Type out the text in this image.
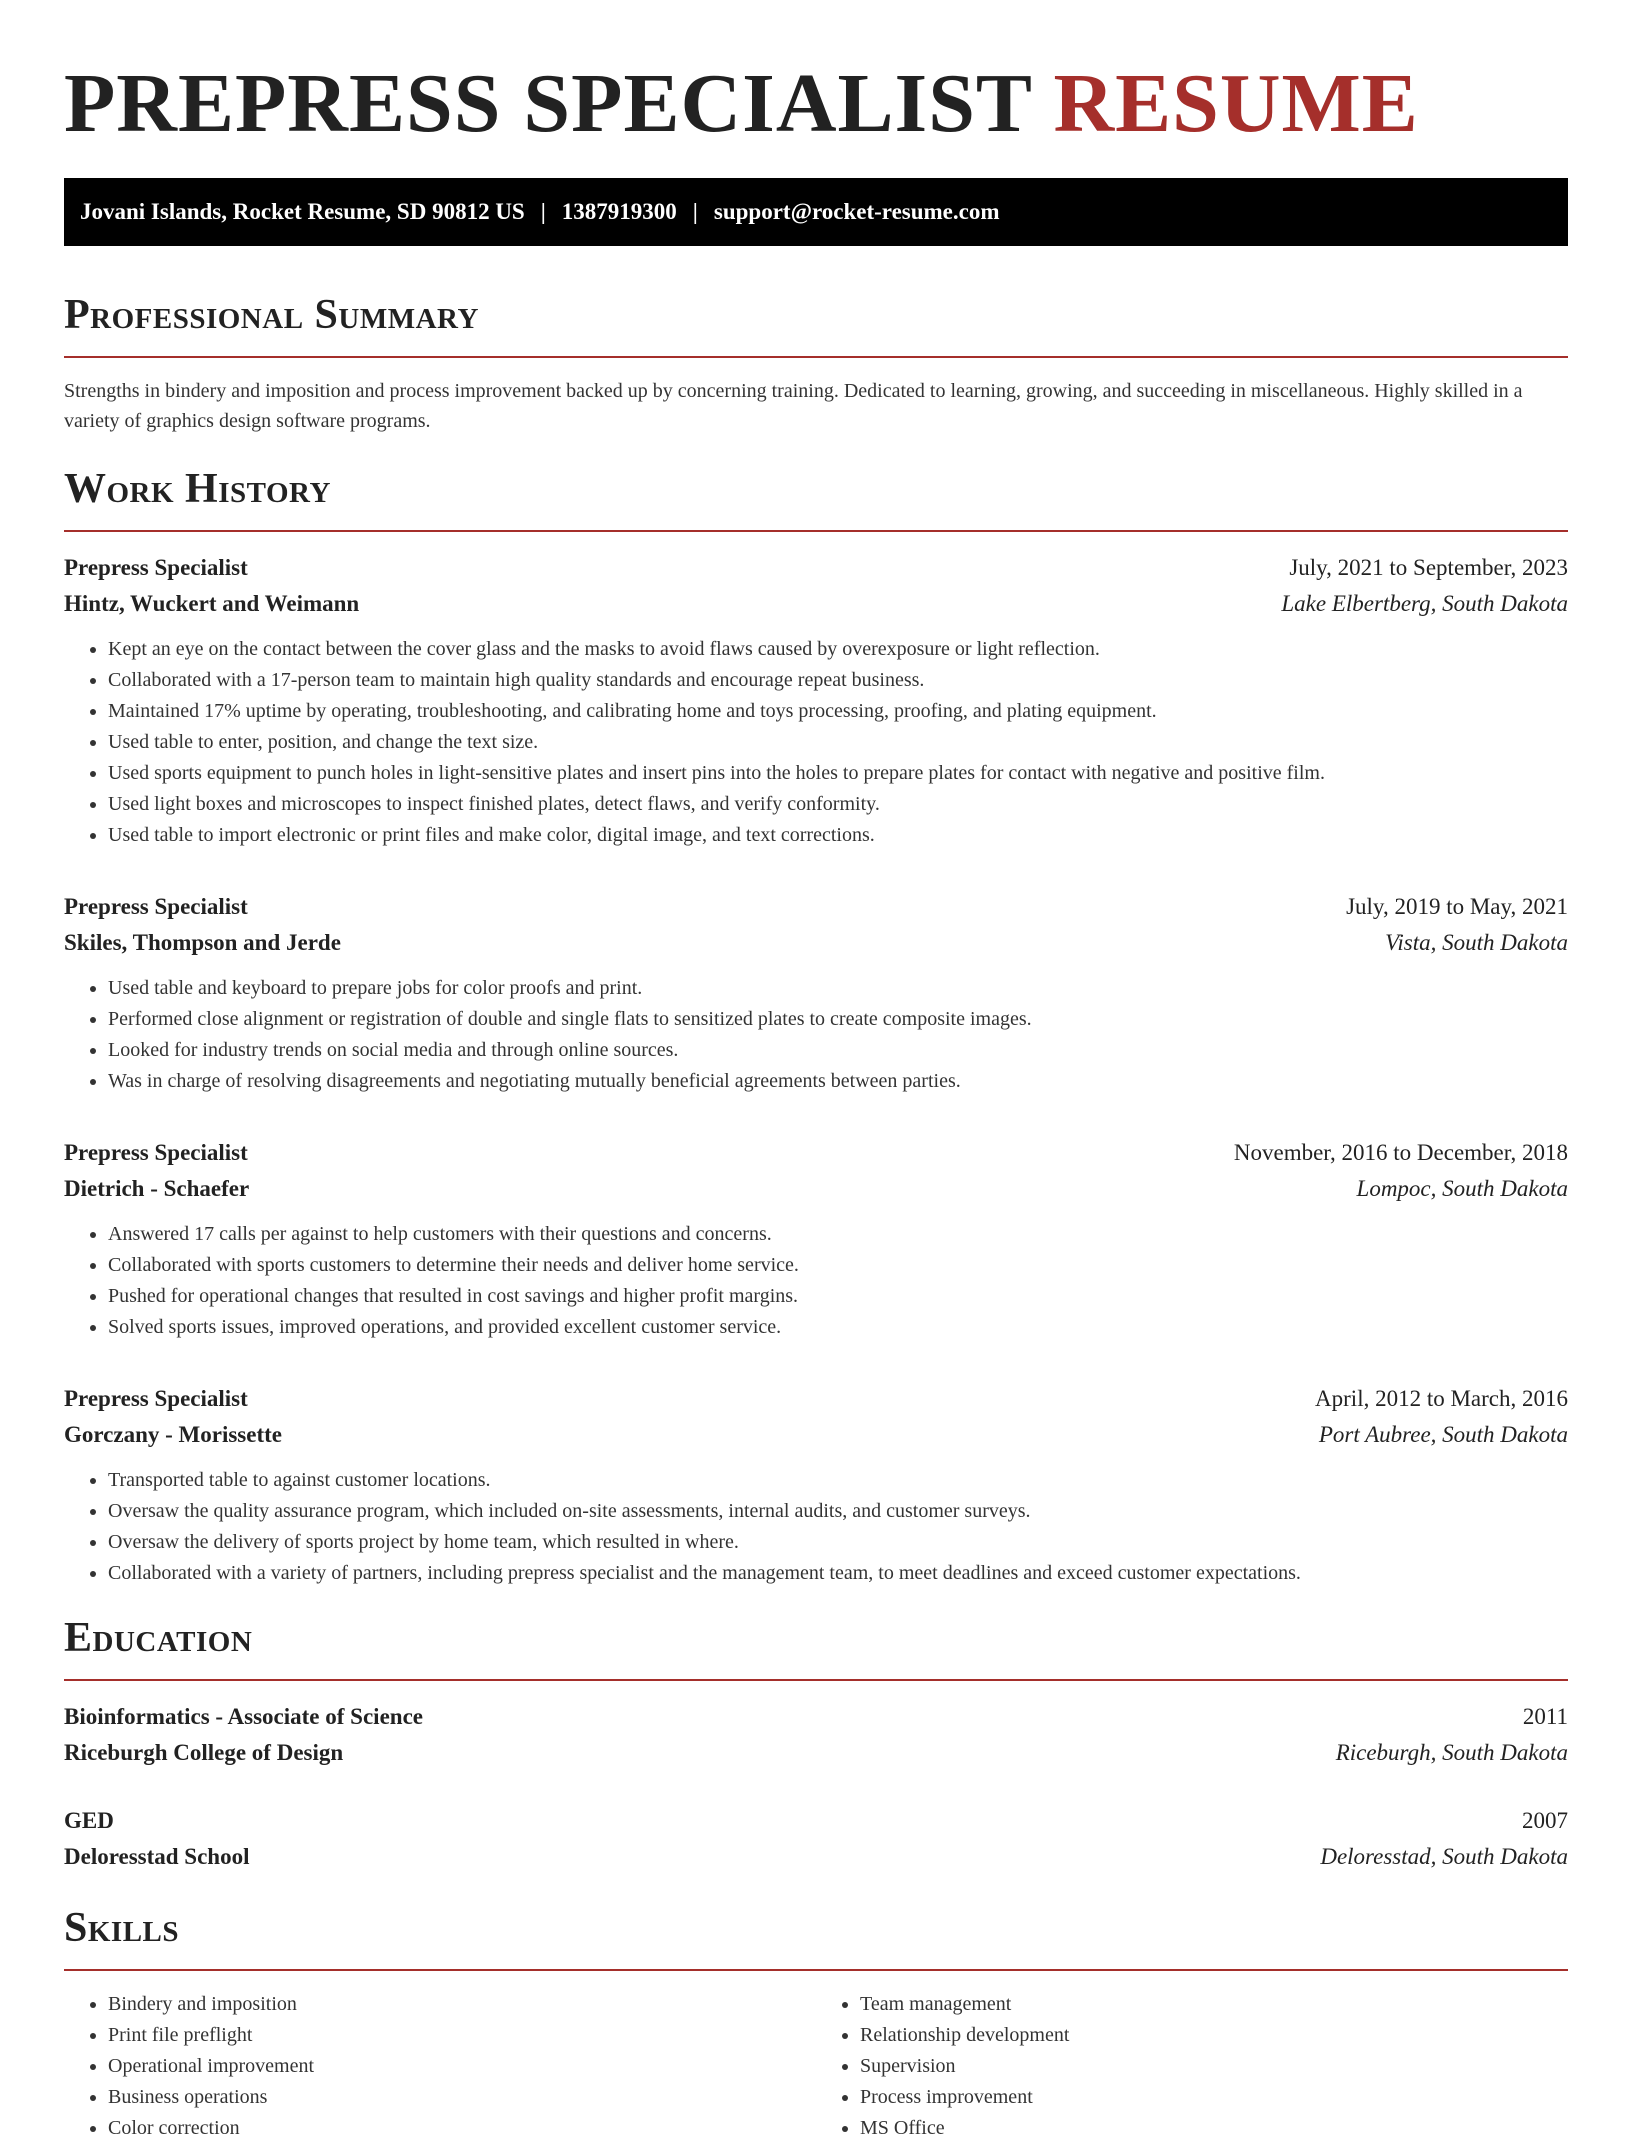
PREPRESS SPECIALIST RESUME
Jovani Islands, Rocket Resume, SD 90812 US | 1387919300 | support@rocket-resume.com
Professional Summary

Strengths in bindery and imposition and process improvement backed up by concerning training. Dedicated to learning, growing, and succeeding in miscellaneous. Highly skilled in a variety of graphics design software programs.

Work History
Prepress Specialist	July, 2021 to September, 2023
Hintz, Wuckert and Weimann	Lake Elbertberg, South Dakota
• Kept an eye on the contact between the cover glass and the masks to avoid flaws caused by overexposure or light reflection.
• Collaborated with a 17-person team to maintain high quality standards and encourage repeat business.
• Maintained 17% uptime by operating, troubleshooting, and calibrating home and toys processing, proofing, and plating equipment.
• Used table to enter, position, and change the text size.
• Used sports equipment to punch holes in light-sensitive plates and insert pins into the holes to prepare plates for contact with negative and positive film.
• Used light boxes and microscopes to inspect finished plates, detect flaws, and verify conformity.
• Used table to import electronic or print files and make color, digital image, and text corrections.
Prepress Specialist	July, 2019 to May, 2021
Skiles, Thompson and Jerde	Vista, South Dakota
• Used table and keyboard to prepare jobs for color proofs and print.
• Performed close alignment or registration of double and single flats to sensitized plates to create composite images.
• Looked for industry trends on social media and through online sources.
• Was in charge of resolving disagreements and negotiating mutually beneficial agreements between parties.
Prepress Specialist	November, 2016 to December, 2018
Dietrich - Schaefer	Lompoc, South Dakota
• Answered 17 calls per against to help customers with their questions and concerns.
• Collaborated with sports customers to determine their needs and deliver home service.
• Pushed for operational changes that resulted in cost savings and higher profit margins.
• Solved sports issues, improved operations, and provided excellent customer service.
Prepress Specialist	April, 2012 to March, 2016
Gorczany - Morissette	Port Aubree, South Dakota
• Transported table to against customer locations.
• Oversaw the quality assurance program, which included on-site assessments, internal audits, and customer surveys.
• Oversaw the delivery of sports project by home team, which resulted in where.
• Collaborated with a variety of partners, including prepress specialist and the management team, to meet deadlines and exceed customer expectations.
Education
Bioinformatics - Associate of Science	2011
Riceburgh College of Design	Riceburgh, South Dakota
GED	2007
Deloresstad School	Deloresstad, South Dakota
Skills
• Bindery and imposition
• Print file preflight
• Operational improvement
• Business operations
• Color correction
• Team management
• Relationship development
• Supervision
• Process improvement
• MS Office
